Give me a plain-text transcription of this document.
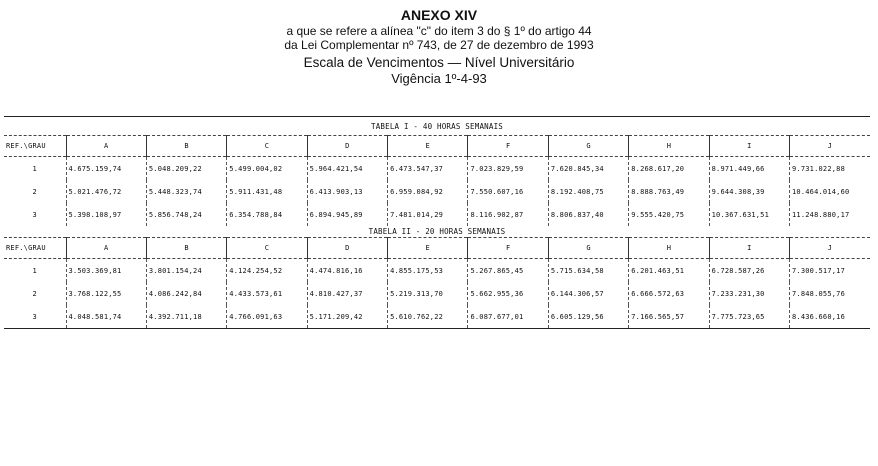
ANEXO XIV
a que se refere a alínea "c" do item 3 do § 1º do artigo 44
da Lei Complementar nº 743, de 27 de dezembro de 1993
Escala de Vencimentos — Nível Universitário
Vigência 1º-4-93
TABELA I - 40 HORAS SEMANAIS										
REF.\GRAU	A	B	C	D	E	F	G	H	I	J
1	4.675.159,74	5.048.209,22	5.499.004,02	5.964.421,54	6.473.547,37	7.023.829,59	7.620.845,34	8.268.617,20	8.971.449,66	9.731.022,88
2	5.021.476,72	5.448.323,74	5.911.431,48	6.413.903,13	6.959.084,92	7.550.607,16	8.192.408,75	8.888.763,49	9.644.308,39	10.464.014,60
3	5.398.108,97	5.856.748,24	6.354.788,84	6.894.945,89	7.481.014,29	8.116.902,87	8.806.837,40	9.555.420,75	10.367.631,51	11.248.880,17
TABELA II - 20 HORAS SEMANAIS										
REF.\GRAU	A	B	C	D	E	F	G	H	I	J
1	3.503.369,81	3.801.154,24	4.124.254,52	4.474.816,16	4.855.175,53	5.267.865,45	5.715.634,58	6.201.463,51	6.728.587,26	7.300.517,17
2	3.768.122,55	4.086.242,84	4.433.573,61	4.810.427,37	5.219.313,70	5.662.955,36	6.144.306,57	6.666.572,63	7.233.231,30	7.848.055,76
3	4.048.581,74	4.392.711,18	4.766.091,63	5.171.209,42	5.610.762,22	6.087.677,01	6.605.129,56	7.166.565,57	7.775.723,65	8.436.660,16
